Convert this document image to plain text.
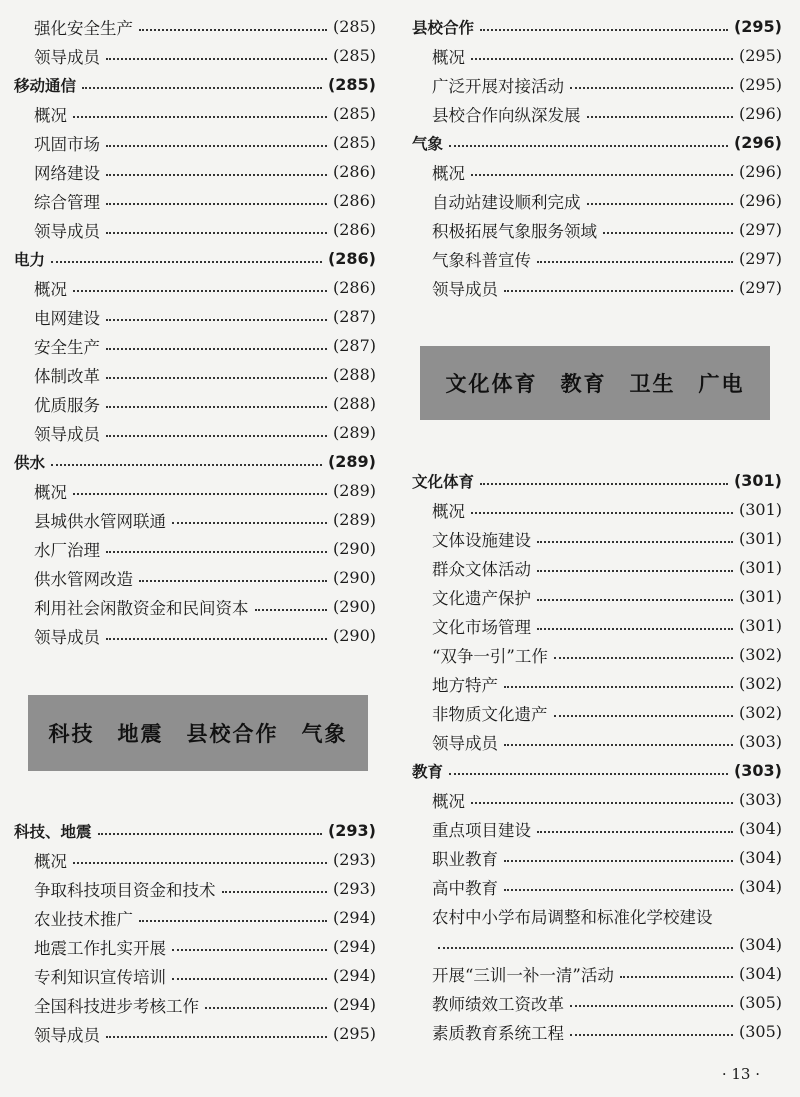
强化安全生产	(285)
领导成员	(285)
移动通信	(285)
概况	(285)
巩固市场	(285)
网络建设	(286)
综合管理	(286)
领导成员	(286)
电力	(286)
概况	(286)
电网建设	(287)
安全生产	(287)
体制改革	(288)
优质服务	(288)
领导成员	(289)
供水	(289)
概况	(289)
县城供水管网联通	(289)
水厂治理	(290)
供水管网改造	(290)
利用社会闲散资金和民间资本	(290)
领导成员	(290)
科技　地震　县校合作　气象
科技、地震	(293)
概况	(293)
争取科技项目资金和技术	(293)
农业技术推广	(294)
地震工作扎实开展	(294)
专利知识宣传培训	(294)
全国科技进步考核工作	(294)
领导成员	(295)
县校合作	(295)
概况	(295)
广泛开展对接活动	(295)
县校合作向纵深发展	(296)
气象	(296)
概况	(296)
自动站建设顺利完成	(296)
积极拓展气象服务领域	(297)
气象科普宣传	(297)
领导成员	(297)
文化体育　教育　卫生　广电
文化体育	(301)
概况	(301)
文体设施建设	(301)
群众文体活动	(301)
文化遗产保护	(301)
文化市场管理	(301)
“双争一引”工作	(302)
地方特产	(302)
非物质文化遗产	(302)
领导成员	(303)
教育	(303)
概况	(303)
重点项目建设	(304)
职业教育	(304)
高中教育	(304)
农村中小学布局调整和标准化学校建设
(304)
开展“三训一补一清”活动	(304)
教师绩效工资改革	(305)
素质教育系统工程	(305)
· 13 ·
